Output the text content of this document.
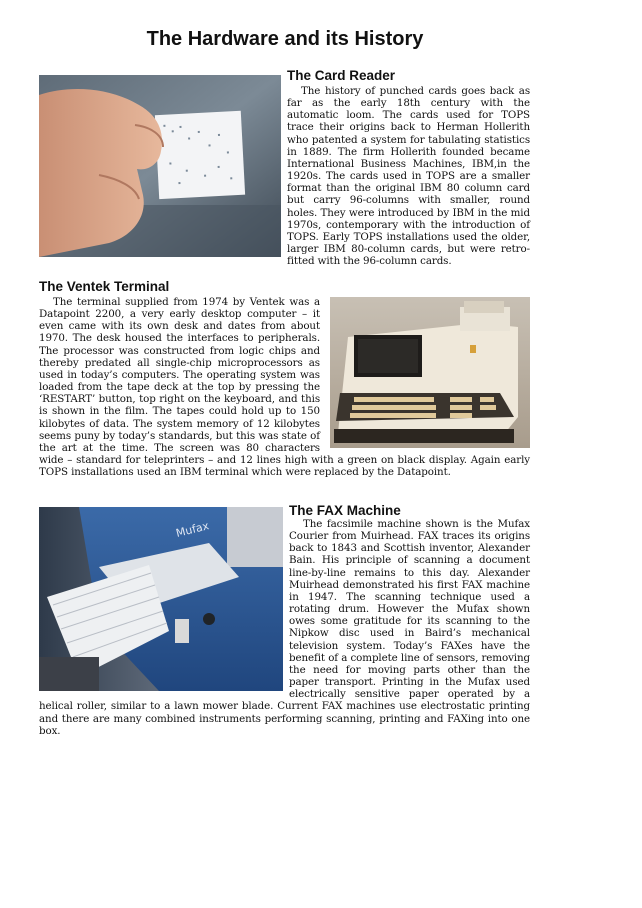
The Hardware and its History
The Card Reader

The history of punched cards goes back as far as the early 18th century with the automatic loom. The cards used for TOPS trace their origins back to Herman Hollerith who patented a system for tabulating statistics in 1889. The firm Hollerith founded became International Business Machines, IBM,in the 1920s. The cards used in TOPS are a smaller format than the original IBM 80 column card but carry 96-columns with smaller, round holes. They were introduced by IBM in the mid 1970s, contemporary with the introduction of TOPS. Early TOPS installations used the older, larger IBM 80-column cards, but were retro-fitted with the 96-column cards.

The Ventek Terminal

The terminal supplied from 1974 by Ventek was a Datapoint 2200, a very early desktop computer – it even came with its own desk and dates from about 1970. The desk housed the interfaces to peripherals. The processor was constructed from logic chips and thereby predated all single-chip microprocessors as used in today’s computers. The operating system was loaded from the tape deck at the top by pressing the ‘RESTART’ button, top right on the keyboard, and this is shown in the film. The tapes could hold up to 150 kilobytes of data. The system memory of 12 kilobytes seems puny by today’s standards, but this was state of the art at the time. The screen was 80 characters wide – standard for teleprinters – and 12 lines high with a green on black display. Again early TOPS installations used an IBM terminal which were replaced by the Datapoint.

Mufax
The FAX Machine

The facsimile machine shown is the Mufax Courier from Muirhead. FAX traces its origins back to 1843 and Scottish inventor, Alexander Bain. His principle of scanning a document line-by-line remains to this day. Alexander Muirhead demonstrated his first FAX machine in 1947. The scanning technique used a rotating drum. However the Mufax shown owes some gratitude for its scanning to the Nipkow disc used in Baird’s mechanical television system. Today’s FAXes have the benefit of a complete line of sensors, removing the need for moving parts other than the paper transport. Printing in the Mufax used electrically sensitive paper operated by a helical roller, similar to a lawn mower blade. Current FAX machines use electrostatic printing and there are many combined instruments performing scanning, printing and FAXing into one box.
